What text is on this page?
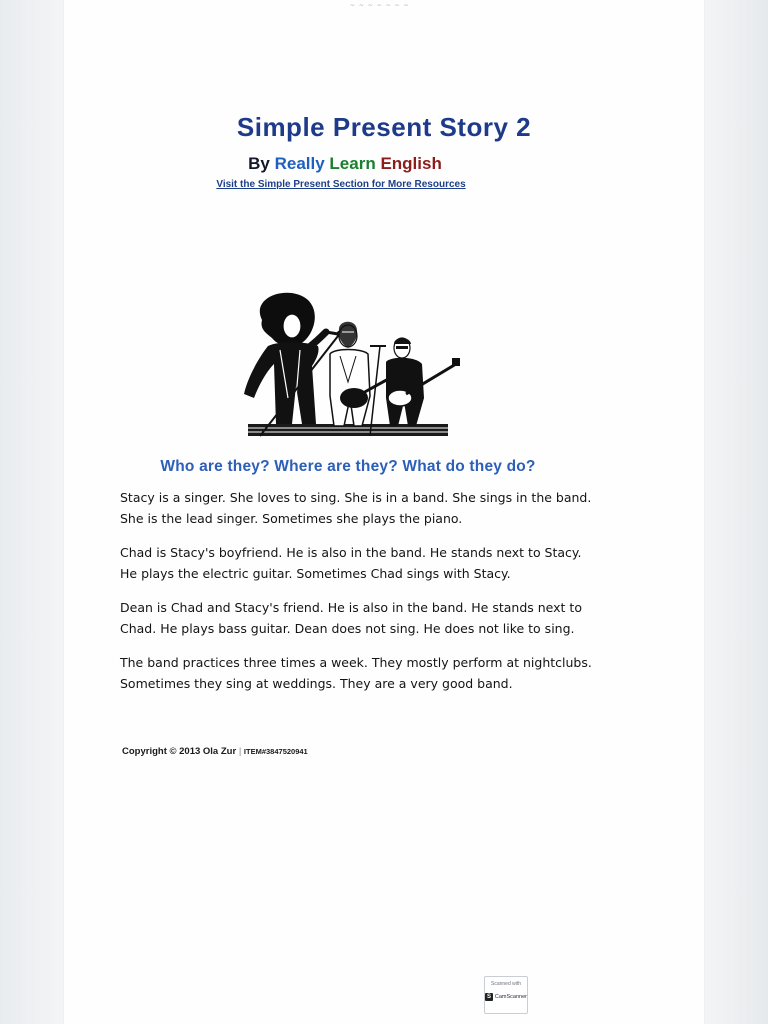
~ ~ ~ ~ ~ ~ ~
Simple Present Story 2
By Really Learn English
Visit the Simple Present Section for More Resources
Who are they? Where are they? What do they do?

Stacy is a singer. She loves to sing. She is in a band. She sings in the band. She is the lead singer. Sometimes she plays the piano.

Chad is Stacy's boyfriend. He is also in the band. He stands next to Stacy. He plays the electric guitar. Sometimes Chad sings with Stacy.

Dean is Chad and Stacy's friend. He is also in the band. He stands next to Chad. He plays bass guitar. Dean does not sing. He does not like to sing.

The band practices three times a week. They mostly perform at nightclubs. Sometimes they sing at weddings. They are a very good band.

Copyright © 2013 Ola Zur | ITEM#3847520941
Scanned with
S CamScanner
